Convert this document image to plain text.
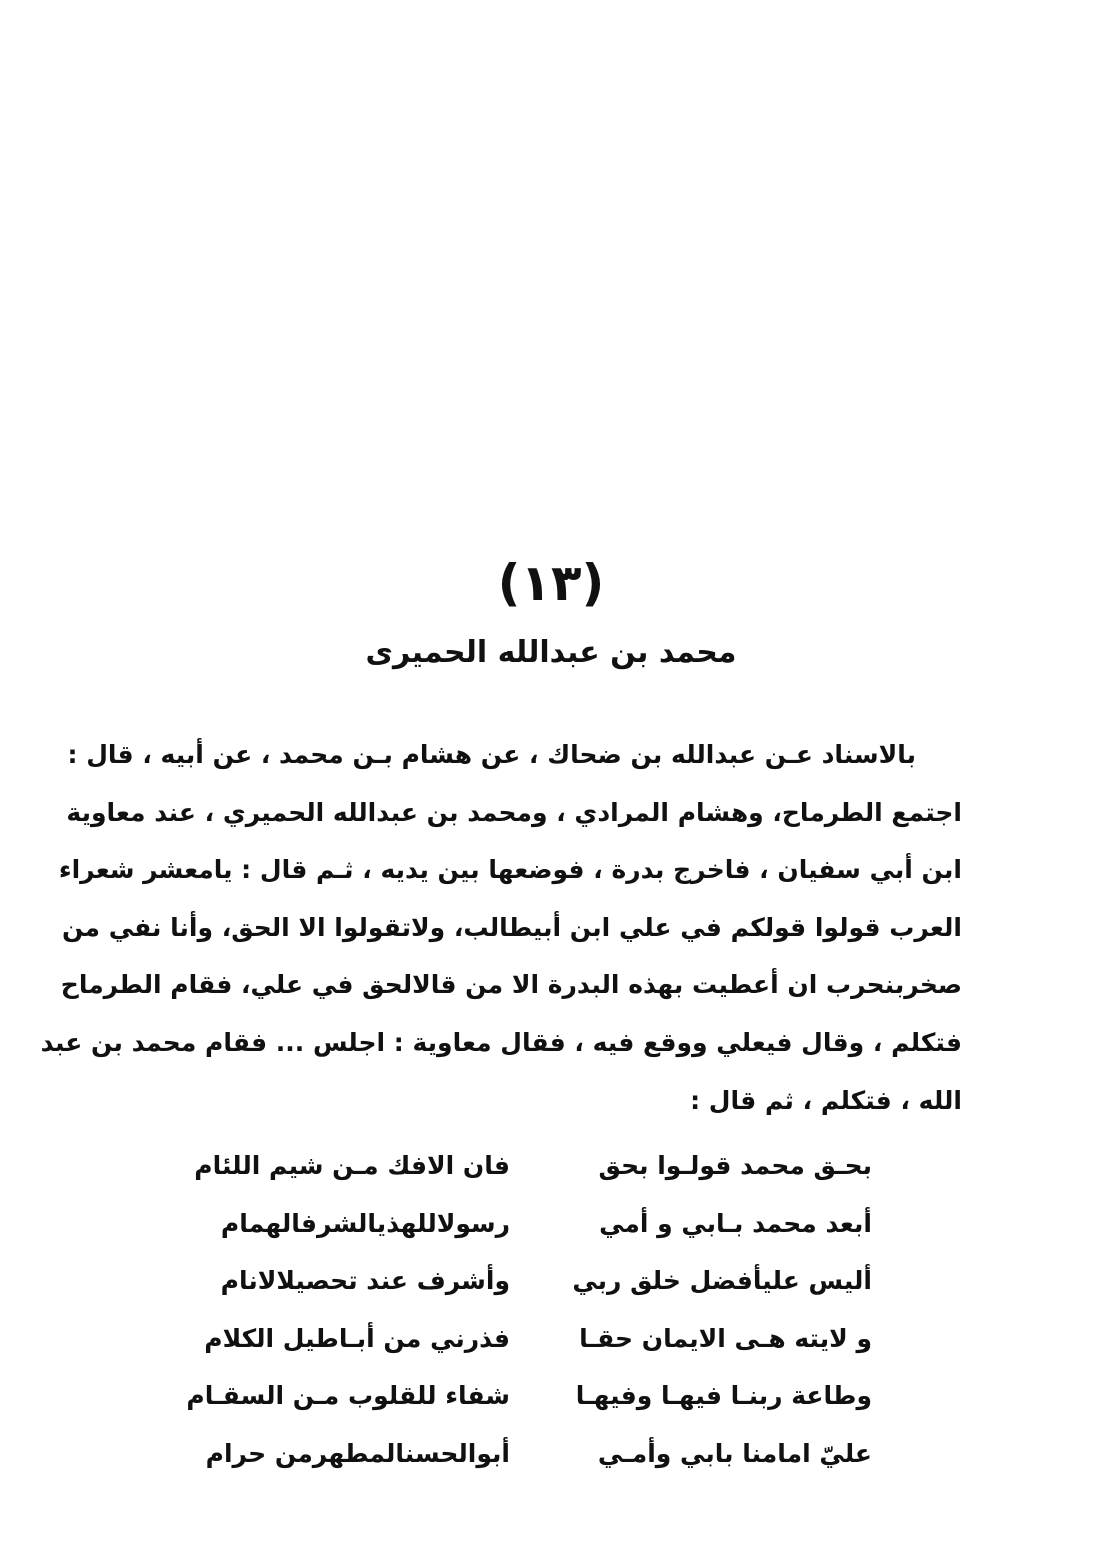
(١٣)
محمد بن عبدالله الحميرى
بالاسناد عـن عبدالله بن ضحاك ، عن هشام بـن محمد ، عن أبيه ، قال :
اجتمع الطرماح، وهشام المرادي ، ومحمد بن عبدالله الحميري ، عند معاوية
ابن أبي سفيان ، فاخرج بدرة ، فوضعها بين يديه ، ثـم قال : يامعشر شعراء
العرب قولوا قولكم في علي ابن أبيطالب، ولاتقولوا الا الحق، وأنا نفي من
صخربنحرب ان أعطيت بهذه البدرة الا من قالالحق في علي، فقام الطرماح
فتكلم ، وقال فيعلي ووقع فيه ، فقال معاوية : اجلس ... فقام محمد بن عبد
الله ، فتكلم ، ثم قال :
بحـق محمد قولـوا بحق
فان الافك مـن شيم اللئام
أبعد محمد بـابي و أمي
رسولاللهذيالشرفالهمام
أليس عليأفضل خلق ربي
وأشرف عند تحصيلالانام
و لايته هـى الايمان حقـا
فذرني من أبـاطيل الكلام
وطاعة ربنـا فيهـا وفيهـا
شفاء للقلوب مـن السقـام
عليّ امامنا بابي وأمـي
أبوالحسنالمطهرمن حرام
